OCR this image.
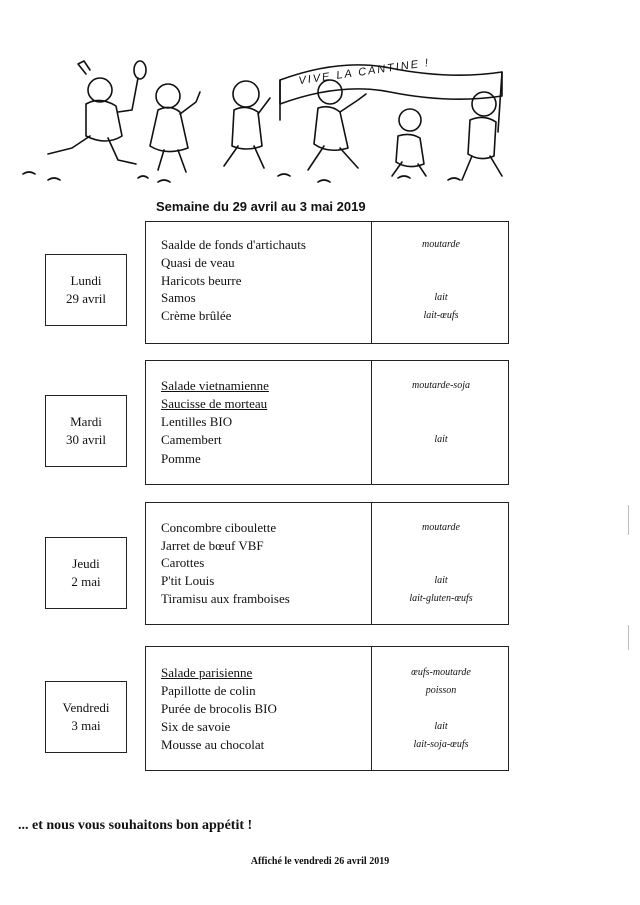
VIVE LA CANTINE !
Semaine du 29 avril au 3 mai 2019
Lundi
29 avril
Saalde de fonds d'artichauts	moutarde
Quasi de veau
Haricots beurre
Samos	lait
Crème brûlée	lait-œufs
Mardi
30 avril
Salade vietnamienne	moutarde-soja
Saucisse de morteau
Lentilles BIO
Camembert	lait
Pomme
Jeudi
2 mai
Concombre ciboulette	moutarde
Jarret de bœuf VBF
Carottes
P'tit Louis	lait
Tiramisu aux framboises	lait-gluten-œufs
Vendredi
3 mai
Salade parisienne	œufs-moutarde
Papillotte de colin	poisson
Purée de brocolis BIO
Six de savoie	lait
Mousse au chocolat	lait-soja-œufs
... et nous vous souhaitons bon appétit !
Affiché le vendredi 26 avril 2019
